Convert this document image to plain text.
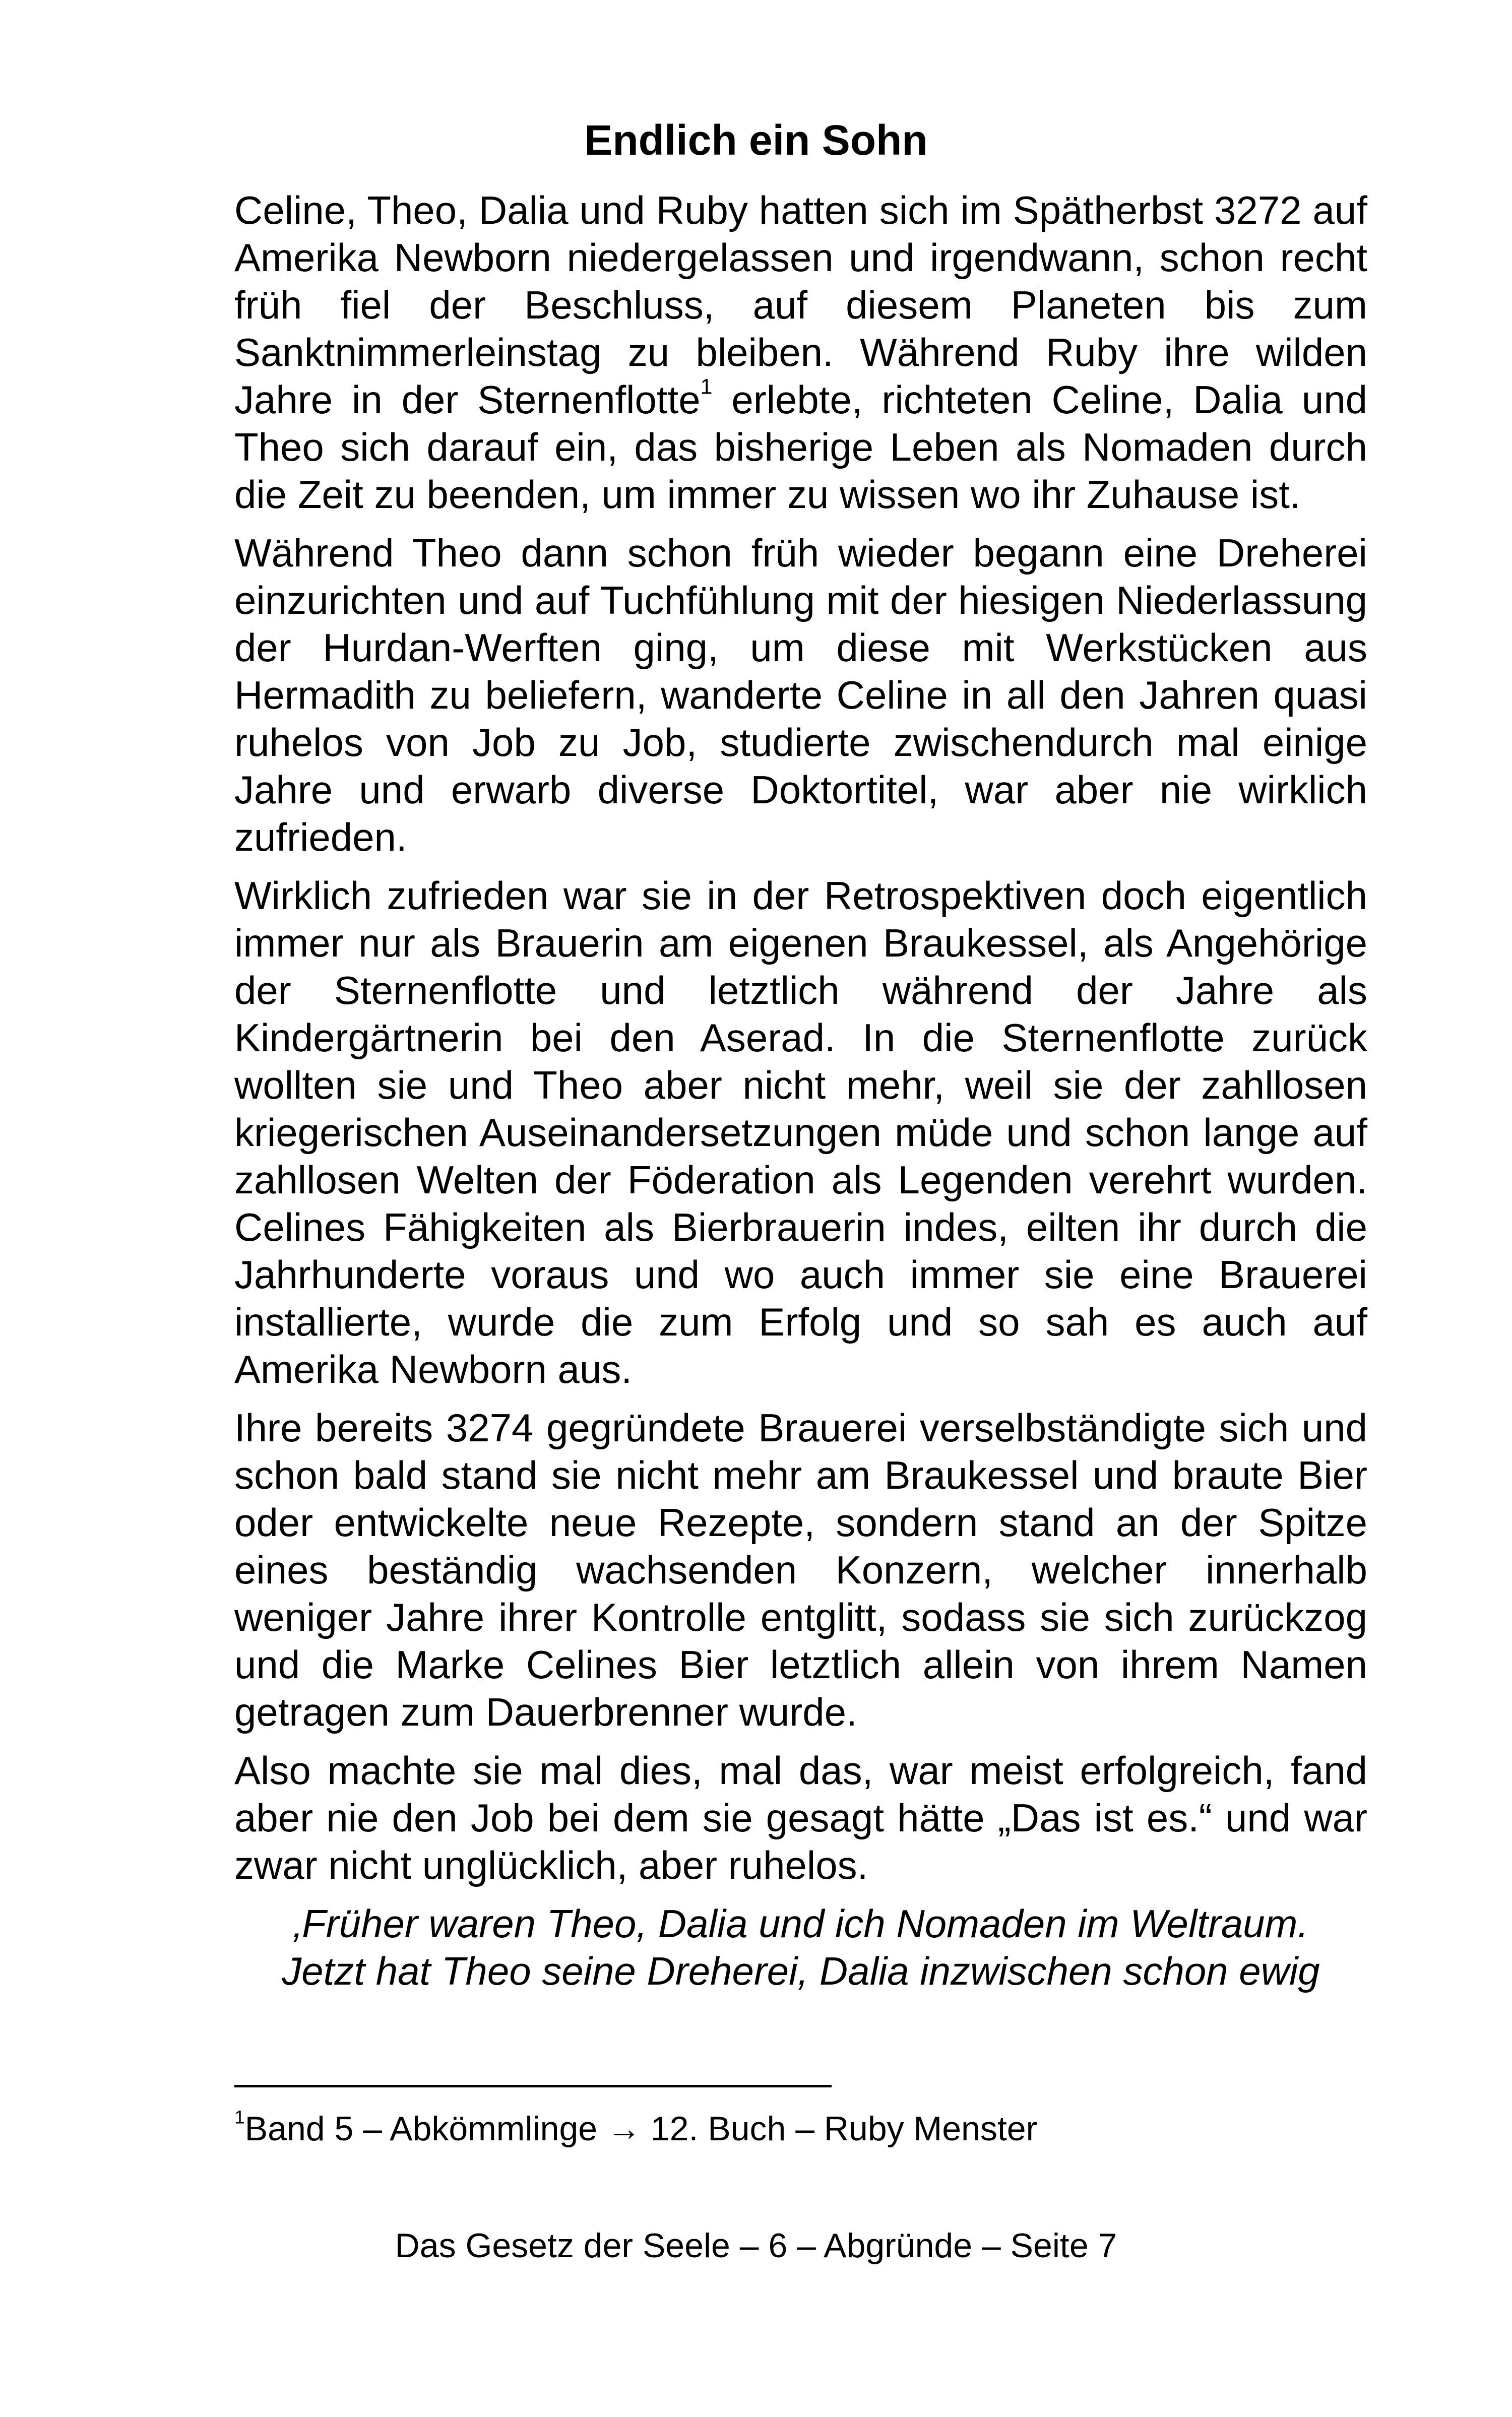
Endlich ein Sohn

Celine, Theo, Dalia und Ruby hatten sich im Spätherbst 3272 auf Amerika Newborn niedergelassen und irgendwann, schon recht früh fiel der Beschluss, auf diesem Planeten bis zum Sanktnimmerleinstag zu bleiben. Während Ruby ihre wilden Jahre in der Sternenflotte$^1$ erlebte, richteten Celine, Dalia und Theo sich darauf ein, das bisherige Leben als Nomaden durch die Zeit zu beenden, um immer zu wissen wo ihr Zuhause ist.

Während Theo dann schon früh wieder begann eine Dreherei einzurichten und auf Tuchfühlung mit der hiesigen Niederlassung der Hurdan-Werften ging, um diese mit Werkstücken aus Hermadith zu beliefern, wanderte Celine in all den Jahren quasi ruhelos von Job zu Job, studierte zwischendurch mal einige Jahre und erwarb diverse Doktortitel, war aber nie wirklich zufrieden.

Wirklich zufrieden war sie in der Retrospektiven doch eigentlich immer nur als Brauerin am eigenen Braukessel, als Angehörige der Sternenflotte und letztlich während der Jahre als Kindergärtnerin bei den Aserad. In die Sternenflotte zurück wollten sie und Theo aber nicht mehr, weil sie der zahllosen kriegerischen Auseinandersetzungen müde und schon lange auf zahllosen Welten der Föderation als Legenden verehrt wurden. Celines Fähigkeiten als Bierbrauerin indes, eilten ihr durch die Jahrhunderte voraus und wo auch immer sie eine Brauerei installierte, wurde die zum Erfolg und so sah es auch auf Amerika Newborn aus.

Ihre bereits 3274 gegründete Brauerei verselbständigte sich und schon bald stand sie nicht mehr am Braukessel und braute Bier oder entwickelte neue Rezepte, sondern stand an der Spitze eines beständig wachsenden Konzern, welcher innerhalb weniger Jahre ihrer Kontrolle entglitt, sodass sie sich zurückzog und die Marke Celines Bier letztlich allein von ihrem Namen getragen zum Dauerbrenner wurde.

Also machte sie mal dies, mal das, war meist erfolgreich, fand aber nie den Job bei dem sie gesagt hätte „Das ist es.“ und war zwar nicht unglücklich, aber ruhelos.

‚Früher waren Theo, Dalia und ich Nomaden im Weltraum.
Jetzt hat Theo seine Dreherei, Dalia inzwischen schon ewig
$^1$Band 5 – Abkömmlinge → 12. Buch – Ruby Menster
Das Gesetz der Seele – 6 – Abgründe – Seite 7
